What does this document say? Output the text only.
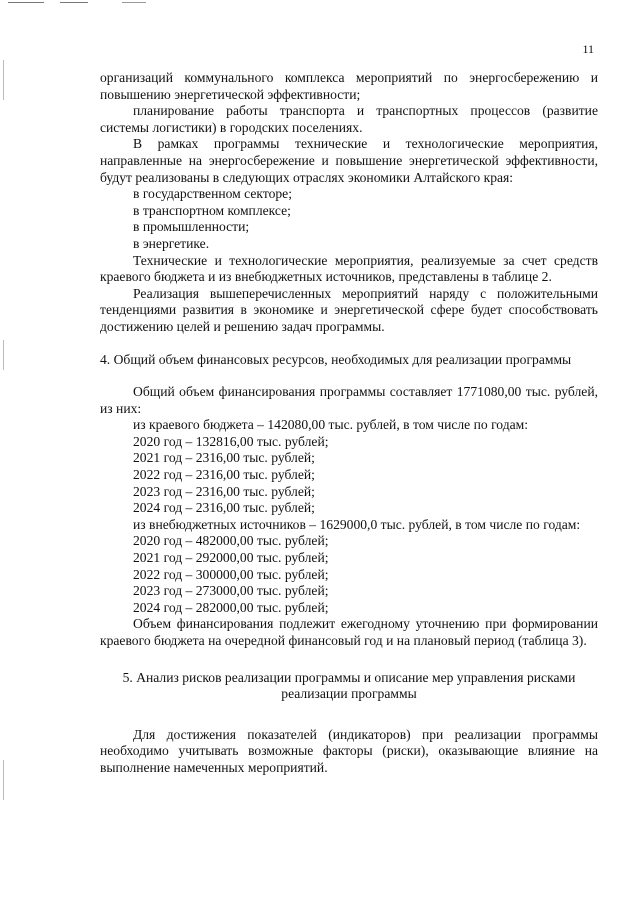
11

организаций коммунального комплекса мероприятий по энергосбережению и повышению энергетической эффективности;

планирование работы транспорта и транспортных процессов (развитие системы логистики) в городских поселениях.

В рамках программы технические и технологические мероприятия, направленные на энергосбережение и повышение энергетической эффективности, будут реализованы в следующих отраслях экономики Алтайского края:

в государственном секторе;

в транспортном комплексе;

в промышленности;

в энергетике.

Технические и технологические мероприятия, реализуемые за счет средств краевого бюджета и из внебюджетных источников, представлены в таблице 2.

Реализация вышеперечисленных мероприятий наряду с положительными тенденциями развития в экономике и энергетической сфере будет способствовать достижению целей и решению задач программы.

4. Общий объем финансовых ресурсов, необходимых для реализации программы

Общий объем финансирования программы составляет 1771080,00 тыс. рублей, из них:

из краевого бюджета – 142080,00 тыс. рублей, в том числе по годам:

2020 год – 132816,00 тыс. рублей;

2021 год – 2316,00 тыс. рублей;

2022 год – 2316,00 тыс. рублей;

2023 год – 2316,00 тыс. рублей;

2024 год – 2316,00 тыс. рублей;

из внебюджетных источников – 1629000,0 тыс. рублей, в том числе по годам:

2020 год – 482000,00 тыс. рублей;

2021 год – 292000,00 тыс. рублей;

2022 год – 300000,00 тыс. рублей;

2023 год – 273000,00 тыс. рублей;

2024 год – 282000,00 тыс. рублей;

Объем финансирования подлежит ежегодному уточнению при формировании краевого бюджета на очередной финансовый год и на плановый период (таблица 3).

5. Анализ рисков реализации программы и описание мер управления рисками

реализации программы

Для достижения показателей (индикаторов) при реализации программы необходимо учитывать возможные факторы (риски), оказывающие влияние на выполнение намеченных мероприятий.
